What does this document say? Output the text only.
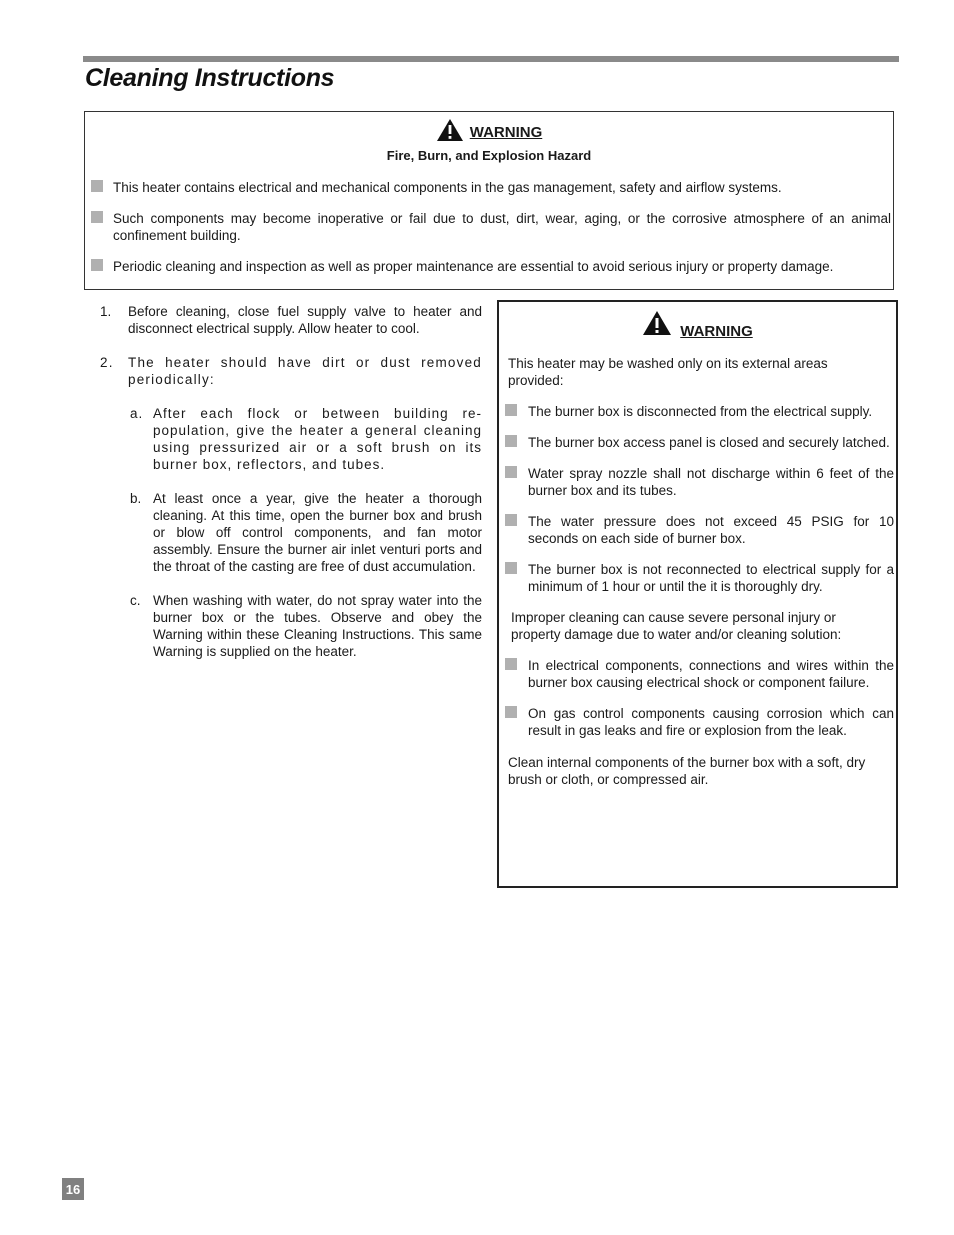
Cleaning Instructions
WARNING
Fire, Burn, and Explosion Hazard
This heater contains electrical and mechanical components in the gas management, safety and airflow systems.
Such components may become inoperative or fail due to dust, dirt, wear, aging, or the corrosive atmosphere of an animal confinement building.
Periodic cleaning and inspection as well as proper maintenance are essential to avoid serious injury or property damage.
1. Before cleaning, close fuel supply valve to heater and disconnect electrical supply. Allow heater to cool.
2. The heater should have dirt or dust removed periodically:
a. After each flock or between building re-population, give the heater a general cleaning using pressurized air or a soft brush on its burner box, reflectors, and tubes.
b. At least once a year, give the heater a thorough cleaning. At this time, open the burner box and brush or blow off control components, and fan motor assembly. Ensure the burner air inlet venturi ports and the throat of the casting are free of dust accumulation.
c. When washing with water, do not spray water into the burner box or the tubes. Observe and obey the Warning within these Cleaning Instructions. This same Warning is supplied on the heater.
WARNING
This heater may be washed only on its external areas provided:
The burner box is disconnected from the electrical supply.
The burner box access panel is closed and securely latched.
Water spray nozzle shall not discharge within 6 feet of the burner box and its tubes.
The water pressure does not exceed 45 PSIG for 10 seconds on each side of burner box.
The burner box is not reconnected to electrical supply for a minimum of 1 hour or until the it is thoroughly dry.
Improper cleaning can cause severe personal injury or property damage due to water and/or cleaning solution:
In electrical components, connections and wires within the burner box causing electrical shock or component failure.
On gas control components causing corrosion which can result in gas leaks and fire or explosion from the leak.
Clean internal components of the burner box with a soft, dry brush or cloth, or compressed air.
16
